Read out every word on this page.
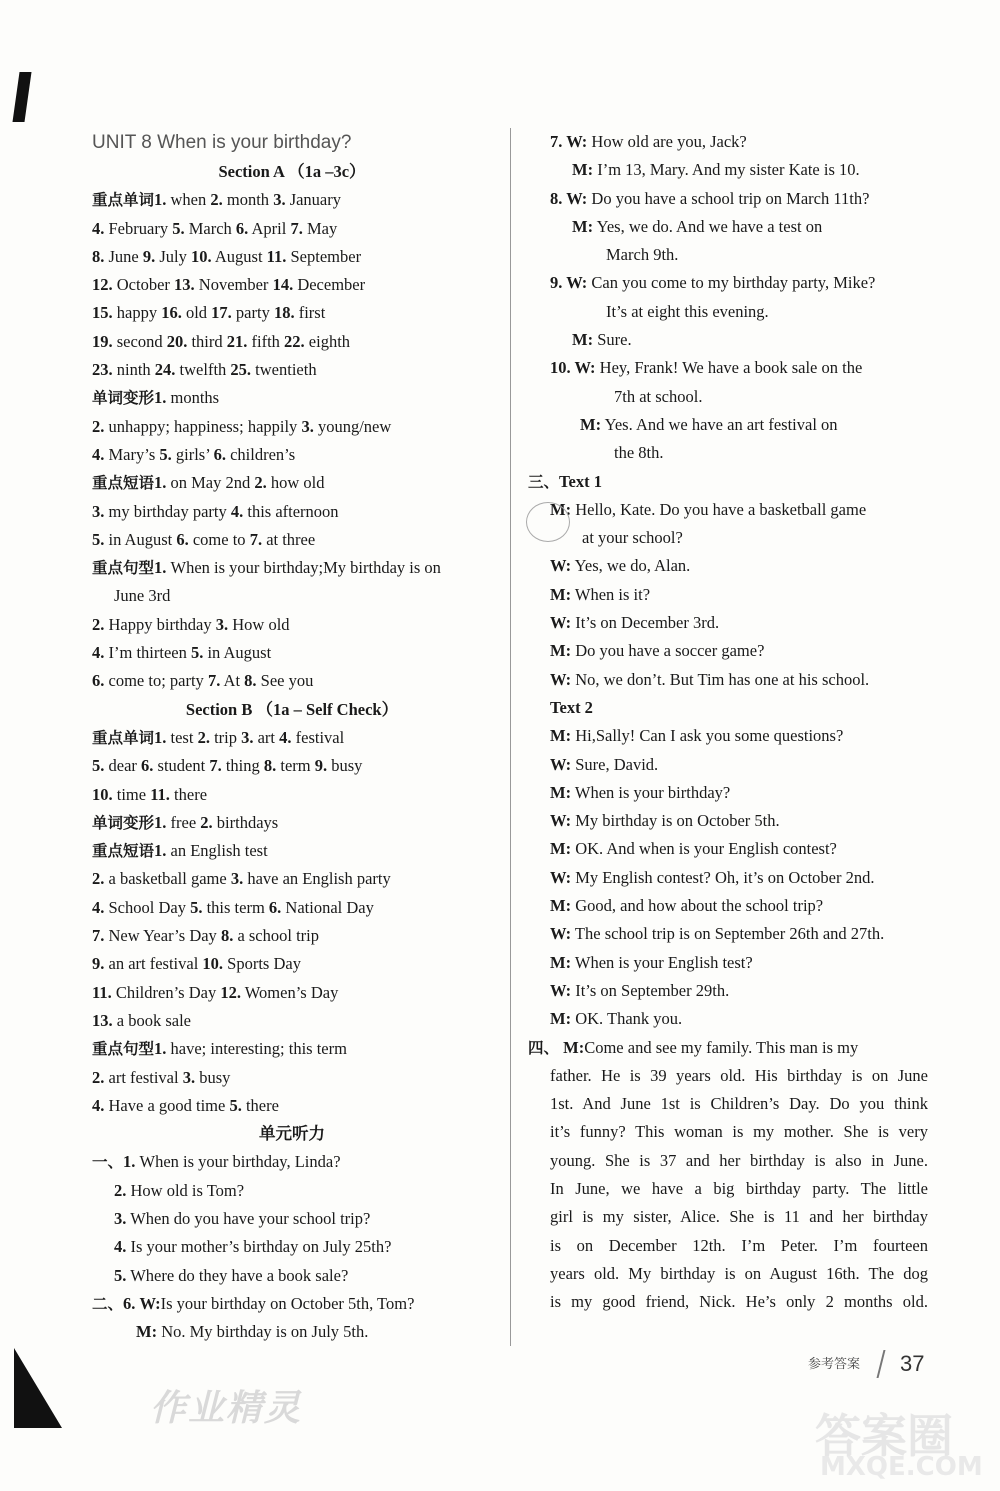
UNIT 8 When is your birthday?
Section A （1a –3c）
重点单词1. when 2. month 3. January
4. February 5. March 6. April 7. May
8. June 9. July 10. August 11. September
12. October 13. November 14. December
15. happy 16. old 17. party 18. first
19. second 20. third 21. fifth 22. eighth
23. ninth 24. twelfth 25. twentieth
单词变形1. months
2. unhappy; happiness; happily 3. young/new
4. Mary’s 5. girls’ 6. children’s
重点短语1. on May 2nd 2. how old
3. my birthday party 4. this afternoon
5. in August 6. come to 7. at three
重点句型1. When is your birthday;My birthday is on
June 3rd
2. Happy birthday 3. How old
4. I’m thirteen 5. in August
6. come to; party 7. At 8. See you
Section B （1a – Self Check）
重点单词1. test 2. trip 3. art 4. festival
5. dear 6. student 7. thing 8. term 9. busy
10. time 11. there
单词变形1. free 2. birthdays
重点短语1. an English test
2. a basketball game 3. have an English party
4. School Day 5. this term 6. National Day
7. New Year’s Day 8. a school trip
9. an art festival 10. Sports Day
11. Children’s Day 12. Women’s Day
13. a book sale
重点句型1. have; interesting; this term
2. art festival 3. busy
4. Have a good time 5. there
单元听力
一、1. When is your birthday, Linda?
2. How old is Tom?
3. When do you have your school trip?
4. Is your mother’s birthday on July 25th?
5. Where do they have a book sale?
二、6. W:Is your birthday on October 5th, Tom?
M: No. My birthday is on July 5th.
7. W: How old are you, Jack?
M: I’m 13, Mary. And my sister Kate is 10.
8. W: Do you have a school trip on March 11th?
M: Yes, we do. And we have a test on
March 9th.
9. W: Can you come to my birthday party, Mike?
It’s at eight this evening.
M: Sure.
10. W: Hey, Frank! We have a book sale on the
7th at school.
M: Yes. And we have an art festival on
the 8th.
三、Text 1
M: Hello, Kate. Do you have a basketball game
at your school?
W: Yes, we do, Alan.
M: When is it?
W: It’s on December 3rd.
M: Do you have a soccer game?
W: No, we don’t. But Tim has one at his school.
Text 2
M: Hi,Sally! Can I ask you some questions?
W: Sure, David.
M: When is your birthday?
W: My birthday is on October 5th.
M: OK. And when is your English contest?
W: My English contest? Oh, it’s on October 2nd.
M: Good, and how about the school trip?
W: The school trip is on September 26th and 27th.
M: When is your English test?
W: It’s on September 29th.
M: OK. Thank you.
四、 M:Come and see my family. This man is my
father. He is 39 years old. His birthday is on June
1st. And June 1st is Children’s Day. Do you think
it’s funny? This woman is my mother. She is very
young. She is 37 and her birthday is also in June.
In June, we have a big birthday party. The little
girl is my sister, Alice. She is 11 and her birthday
is on December 12th. I’m Peter. I’m fourteen
years old. My birthday is on August 16th. The dog
is my good friend, Nick. He’s only 2 months old.
参考答案 37
作业精灵
答案圈
MXQE.COM
